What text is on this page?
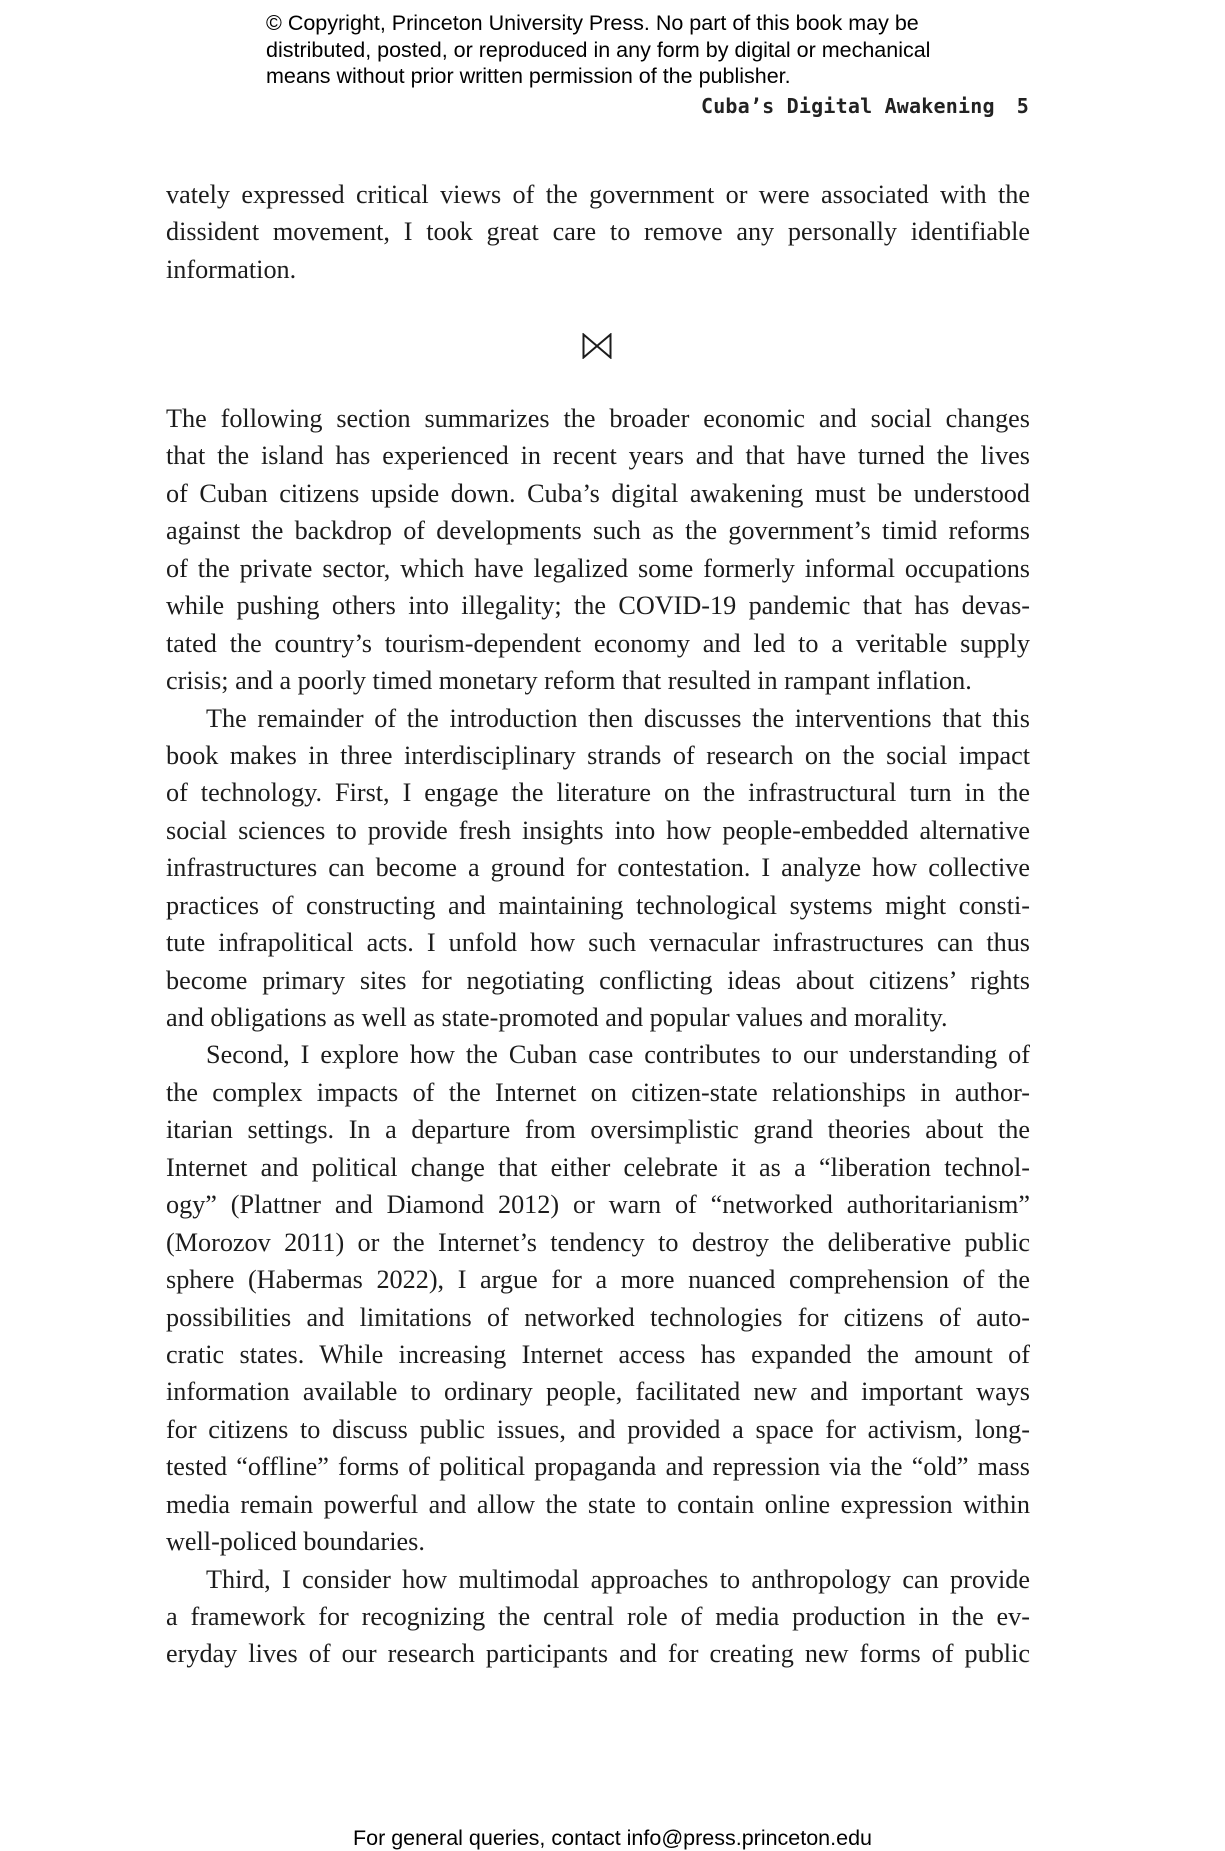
© Copyright, Princeton University Press. No part of this book may be
distributed, posted, or reproduced in any form by digital or mechanical
means without prior written permission of the publisher.
Cuba’s Digital Awakening 5
vately expressed critical views of the government or were associated with the
dissident movement, I took great care to remove any personally identifiable
information.
The following section summarizes the broader economic and social changes
that the island has experienced in recent years and that have turned the lives
of Cuban citizens upside down. Cuba’s digital awakening must be understood
against the backdrop of developments such as the government’s timid reforms
of the private sector, which have legalized some formerly informal occupations
while pushing others into illegality; the COVID-19 pandemic that has devas-
tated the country’s tourism-dependent economy and led to a veritable supply
crisis; and a poorly timed monetary reform that resulted in rampant inflation.
The remainder of the introduction then discusses the interventions that this
book makes in three interdisciplinary strands of research on the social impact
of technology. First, I engage the literature on the infrastructural turn in the
social sciences to provide fresh insights into how people-embedded alternative
infrastructures can become a ground for contestation. I analyze how collective
practices of constructing and maintaining technological systems might consti-
tute infrapolitical acts. I unfold how such vernacular infrastructures can thus
become primary sites for negotiating conflicting ideas about citizens’ rights
and obligations as well as state-promoted and popular values and morality.
Second, I explore how the Cuban case contributes to our understanding of
the complex impacts of the Internet on citizen-state relationships in author-
itarian settings. In a departure from oversimplistic grand theories about the
Internet and political change that either celebrate it as a “liberation technol-
ogy” (Plattner and Diamond 2012) or warn of “networked authoritarianism”
(Morozov 2011) or the Internet’s tendency to destroy the deliberative public
sphere (Habermas 2022), I argue for a more nuanced comprehension of the
possibilities and limitations of networked technologies for citizens of auto-
cratic states. While increasing Internet access has expanded the amount of
information available to ordinary people, facilitated new and important ways
for citizens to discuss public issues, and provided a space for activism, long-
tested “offline” forms of political propaganda and repression via the “old” mass
media remain powerful and allow the state to contain online expression within
well-policed boundaries.
Third, I consider how multimodal approaches to anthropology can provide
a framework for recognizing the central role of media production in the ev-
eryday lives of our research participants and for creating new forms of public
For general queries, contact info@press.princeton.edu
